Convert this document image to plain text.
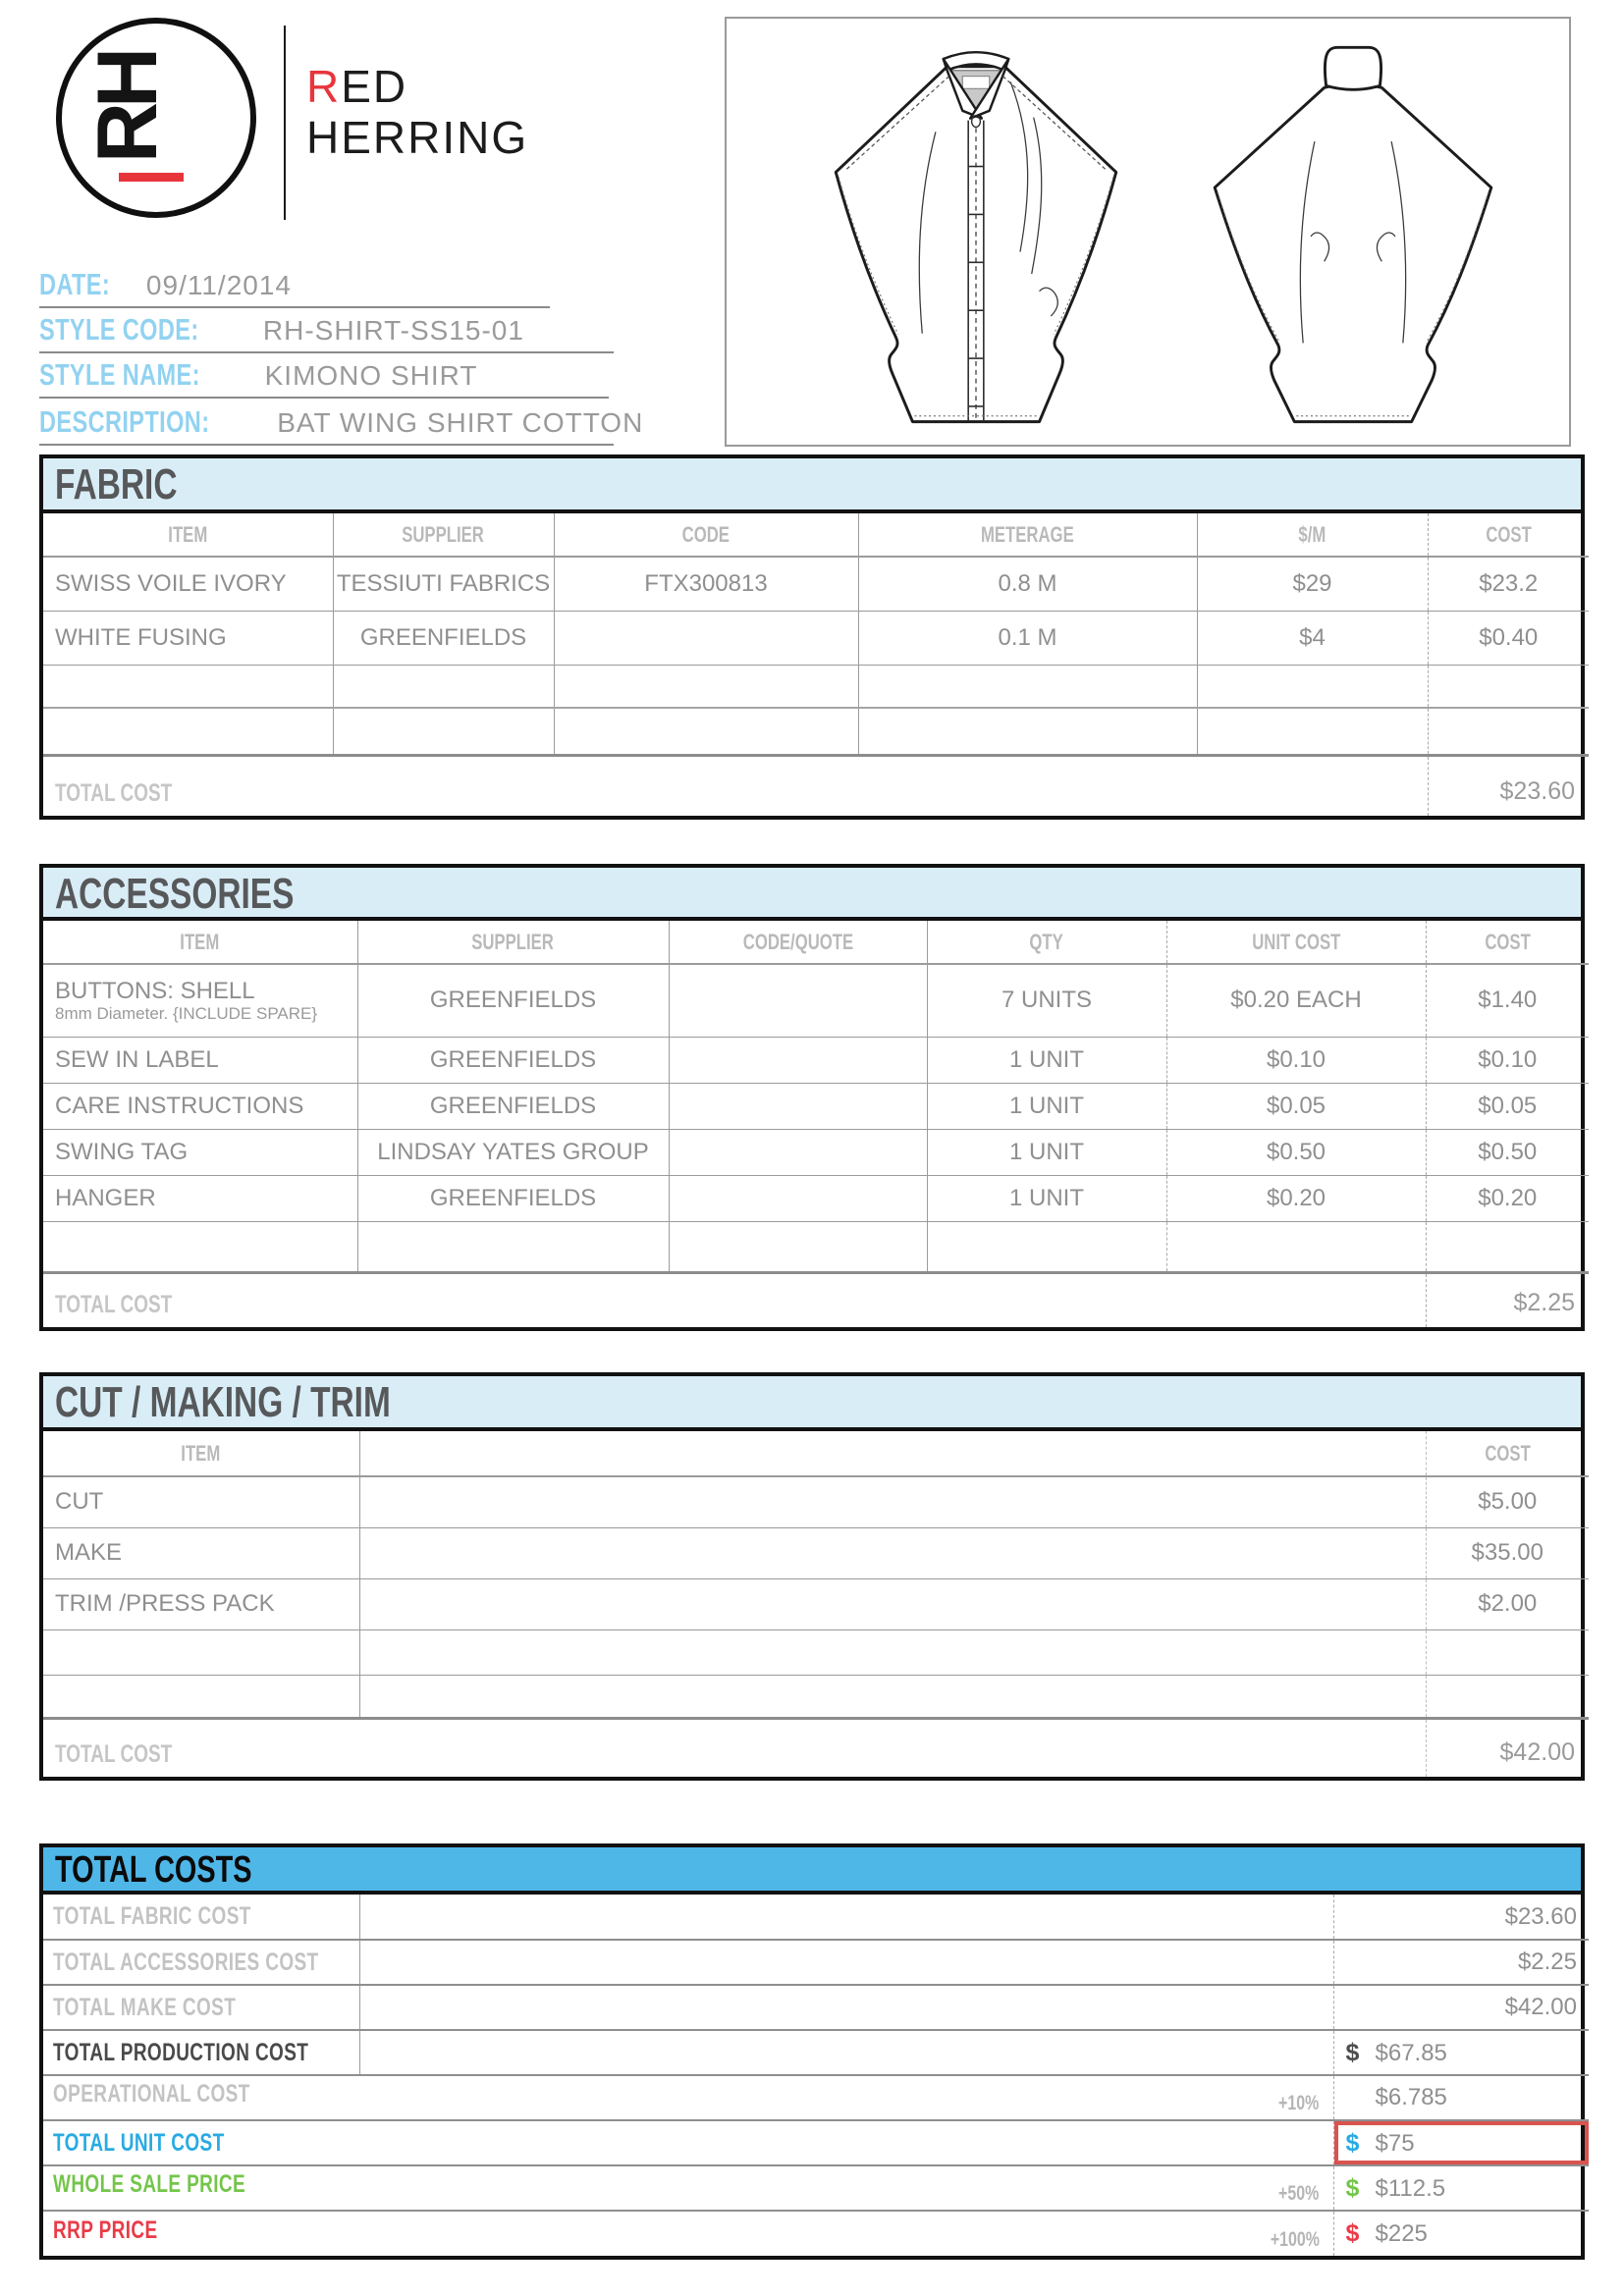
RH	RED
HERRING
DATE: 09/11/2014
STYLE CODE: RH-SHIRT-SS15-01
STYLE NAME: KIMONO SHIRT
DESCRIPTION: BAT WING SHIRT COTTON
FABRIC
ITEM	SUPPLIER	CODE	METERAGE	$/M	COST
SWISS VOILE IVORY	TESSIUTI FABRICS	FTX300813	0.8 M	$29	$23.2
WHITE FUSING	GREENFIELDS		0.1 M	$4	$0.40

TOTAL COST					$23.60
ACCESSORIES
ITEM	SUPPLIER	CODE/QUOTE	QTY	UNIT COST	COST
BUTTONS: SHELL
8mm Diameter. {INCLUDE SPARE}	GREENFIELDS		7 UNITS	$0.20 EACH	$1.40
SEW IN LABEL	GREENFIELDS		1 UNIT	$0.10	$0.10
CARE INSTRUCTIONS	GREENFIELDS		1 UNIT	$0.05	$0.05
SWING TAG	LINDSAY YATES GROUP		1 UNIT	$0.50	$0.50
HANGER	GREENFIELDS		1 UNIT	$0.20	$0.20

TOTAL COST					$2.25
CUT / MAKING / TRIM
ITEM		COST
CUT		$5.00
MAKE		$35.00
TRIM /PRESS PACK		$2.00

TOTAL COST		$42.00
TOTAL COSTS
TOTAL FABRIC COST		$23.60
TOTAL ACCESSORIES COST		$2.25
TOTAL MAKE COST		$42.00
TOTAL PRODUCTION COST		$ $67.85
OPERATIONAL COST +10%		$6.785
TOTAL UNIT COST		$ $75
WHOLE SALE PRICE +50%		$ $112.5
RRP PRICE +100%		$ $225
